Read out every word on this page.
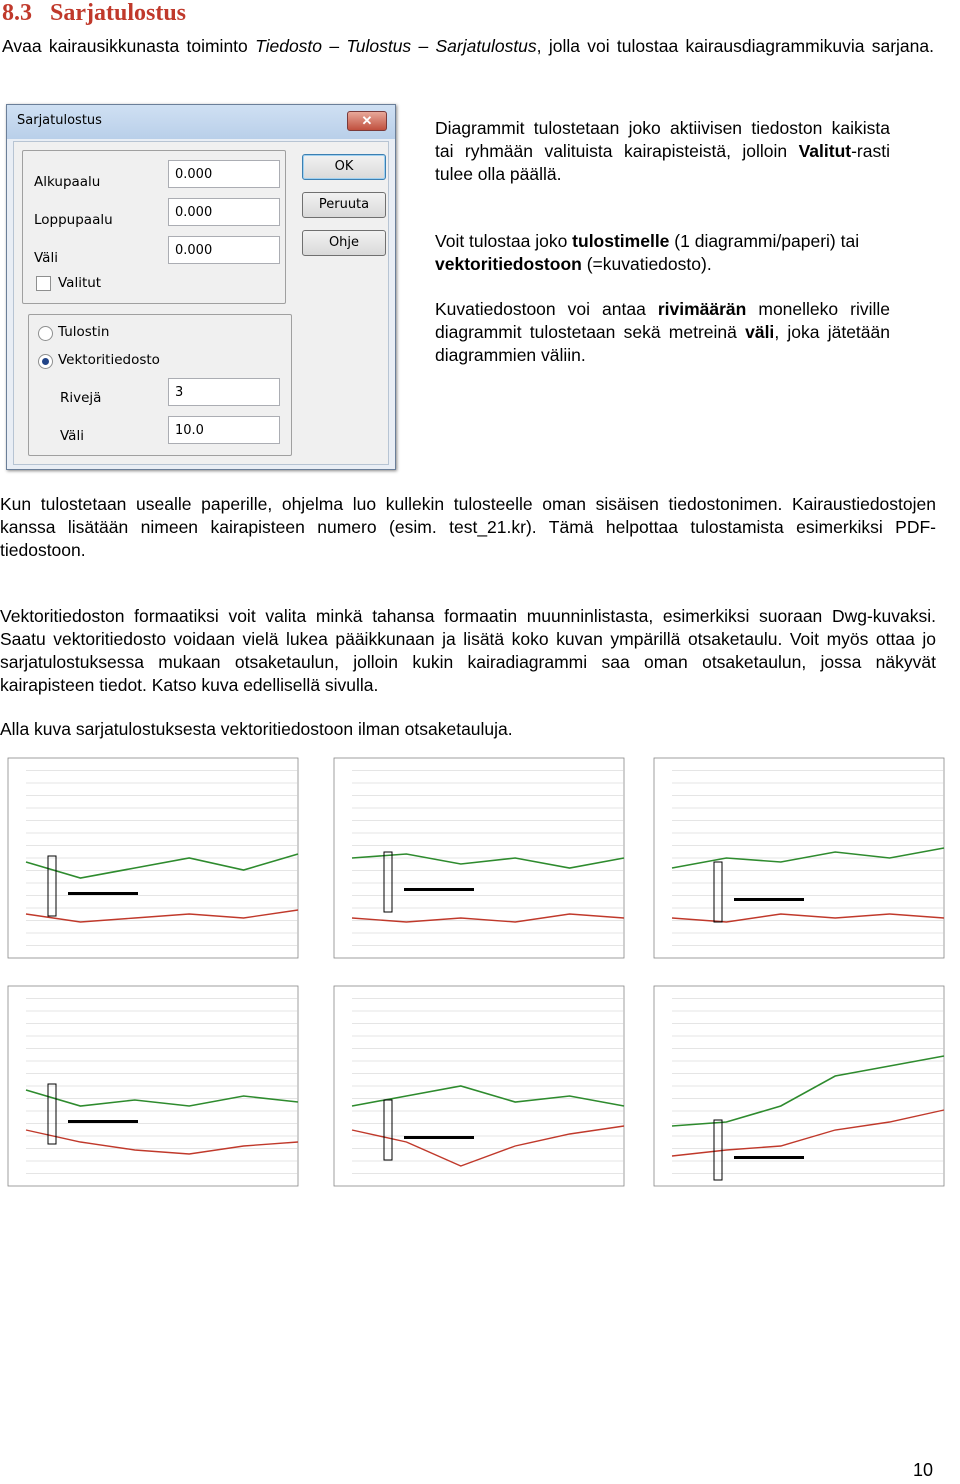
8.3 Sarjatulostus
Avaa kairausikkunasta toiminto Tiedosto – Tulostus – Sarjatulostus, jolla voi tulostaa kairausdiagrammikuvia sarjana.
Sarjatulostus	✕
Alkupaalu	0.000
Loppupaalu	0.000
Väli	0.000
Valitut
OK
Peruuta
Ohje
Tulostin
Vektoritiedosto
Rivejä	3
Väli	10.0
Diagrammit tulostetaan joko aktiivisen tiedoston kaikista tai ryhmään valituista kairapisteistä, jolloin Valitut-rasti tulee olla päällä.
Voit tulostaa joko tulostimelle (1 diagrammi/paperi) tai vektoritiedostoon (=kuvatiedosto).
Kuvatiedostoon voi antaa rivimäärän monelleko riville diagrammit tulostetaan sekä metreinä väli, joka jätetään diagrammien väliin.
Kun tulostetaan usealle paperille, ohjelma luo kullekin tulosteelle oman sisäisen tiedostonimen. Kairaustiedostojen kanssa lisätään nimeen kairapisteen numero (esim. test_21.kr). Tämä helpottaa tulostamista esimerkiksi PDF-tiedostoon.
Vektoritiedoston formaatiksi voit valita minkä tahansa formaatin muunninlistasta, esimerkiksi suoraan Dwg-kuvaksi. Saatu vektoritiedosto voidaan vielä lukea pääikkunaan ja lisätä koko kuvan ympärillä otsaketaulu. Voit myös ottaa jo sarjatulostuksessa mukaan otsaketaulun, jolloin kukin kairadiagrammi saa oman otsaketaulun, jossa näkyvät kairapisteen tiedot. Katso kuva edellisellä sivulla.
Alla kuva sarjatulostuksesta vektoritiedostoon ilman otsaketauluja.
10
